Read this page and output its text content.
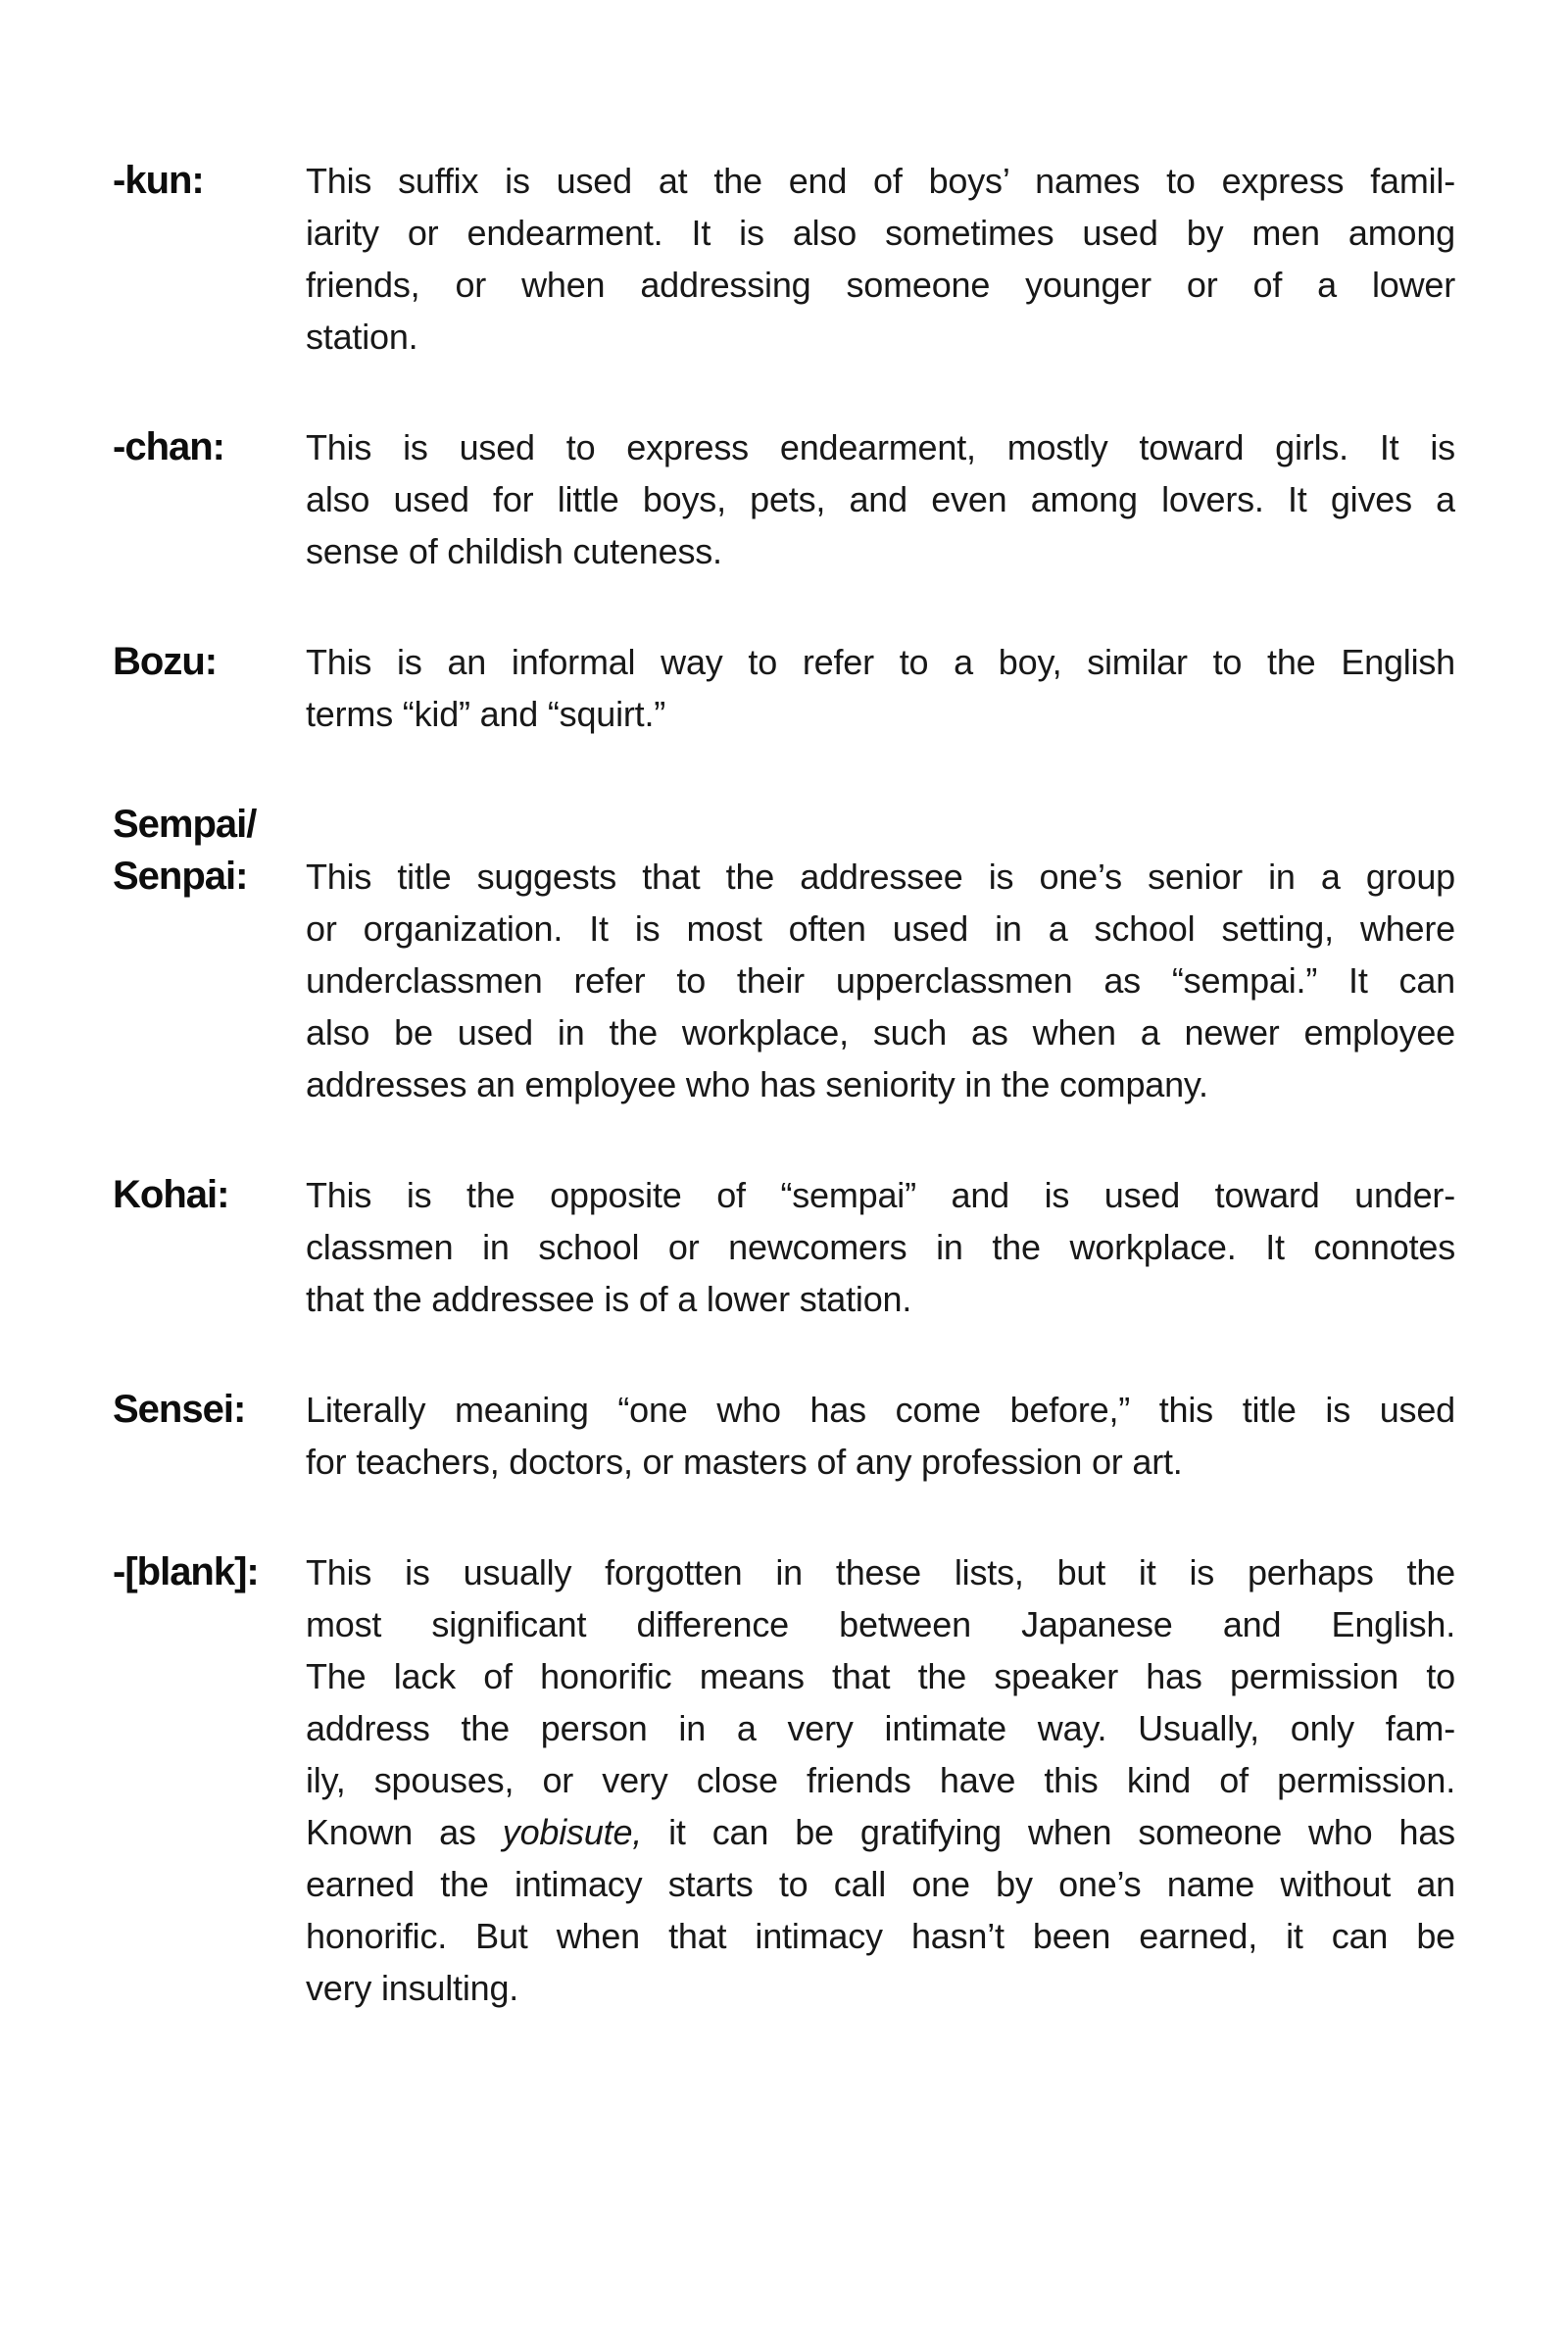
-kun:	This suffix is used at the end of boys’ names to express famil-
iarity or endearment. It is also sometimes used by men among
friends, or when addressing someone younger or of a lower
station.
-chan:	This is used to express endearment, mostly toward girls. It is
also used for little boys, pets, and even among lovers. It gives a
sense of childish cuteness.
Bozu:	This is an informal way to refer to a boy, similar to the English
terms “kid” and “squirt.”
Sempai/
Senpai:	This title suggests that the addressee is one’s senior in a group
or organization. It is most often used in a school setting, where
underclassmen refer to their upperclassmen as “sempai.” It can
also be used in the workplace, such as when a newer employee
addresses an employee who has seniority in the company.
Kohai:	This is the opposite of “sempai” and is used toward under-
classmen in school or newcomers in the workplace. It connotes
that the addressee is of a lower station.
Sensei:	Literally meaning “one who has come before,” this title is used
for teachers, doctors, or masters of any profession or art.
-[blank]:	This is usually forgotten in these lists, but it is perhaps the
most significant difference between Japanese and English.
The lack of honorific means that the speaker has permission to
address the person in a very intimate way. Usually, only fam-
ily, spouses, or very close friends have this kind of permission.
Known as yobisute, it can be gratifying when someone who has
earned the intimacy starts to call one by one’s name without an
honorific. But when that intimacy hasn’t been earned, it can be
very insulting.
